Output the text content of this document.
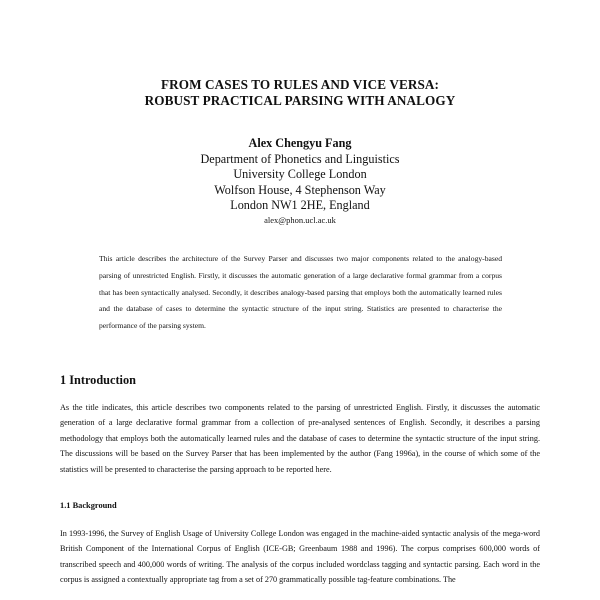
FROM CASES TO RULES AND VICE VERSA:
ROBUST PRACTICAL PARSING WITH ANALOGY
Alex Chengyu Fang
Department of Phonetics and Linguistics
University College London
Wolfson House, 4 Stephenson Way
London NW1 2HE, England
alex@phon.ucl.ac.uk

This article describes the architecture of the Survey Parser and discusses two major components related to the analogy-based parsing of unrestricted English. Firstly, it discusses the automatic generation of a large declarative formal grammar from a corpus that has been syntactically analysed. Secondly, it describes analogy-based parsing that employs both the automatically learned rules and the database of cases to determine the syntactic structure of the input string. Statistics are presented to characterise the performance of the parsing system.

1 Introduction

As the title indicates, this article describes two components related to the parsing of unrestricted English. Firstly, it discusses the automatic generation of a large declarative formal grammar from a collection of pre-analysed sentences of English. Secondly, it describes a parsing methodology that employs both the automatically learned rules and the database of cases to determine the syntactic structure of the input string. The discussions will be based on the Survey Parser that has been implemented by the author (Fang 1996a), in the course of which some of the statistics will be presented to characterise the parsing approach to be reported here.

1.1 Background

In 1993-1996, the Survey of English Usage of University College London was engaged in the machine-aided syntactic analysis of the mega-word British Component of the International Corpus of English (ICE-GB; Greenbaum 1988 and 1996). The corpus comprises 600,000 words of transcribed speech and 400,000 words of writing. The analysis of the corpus included wordclass tagging and syntactic parsing. Each word in the corpus is assigned a contextually appropriate tag from a set of 270 grammatically possible tag-feature combinations. The
